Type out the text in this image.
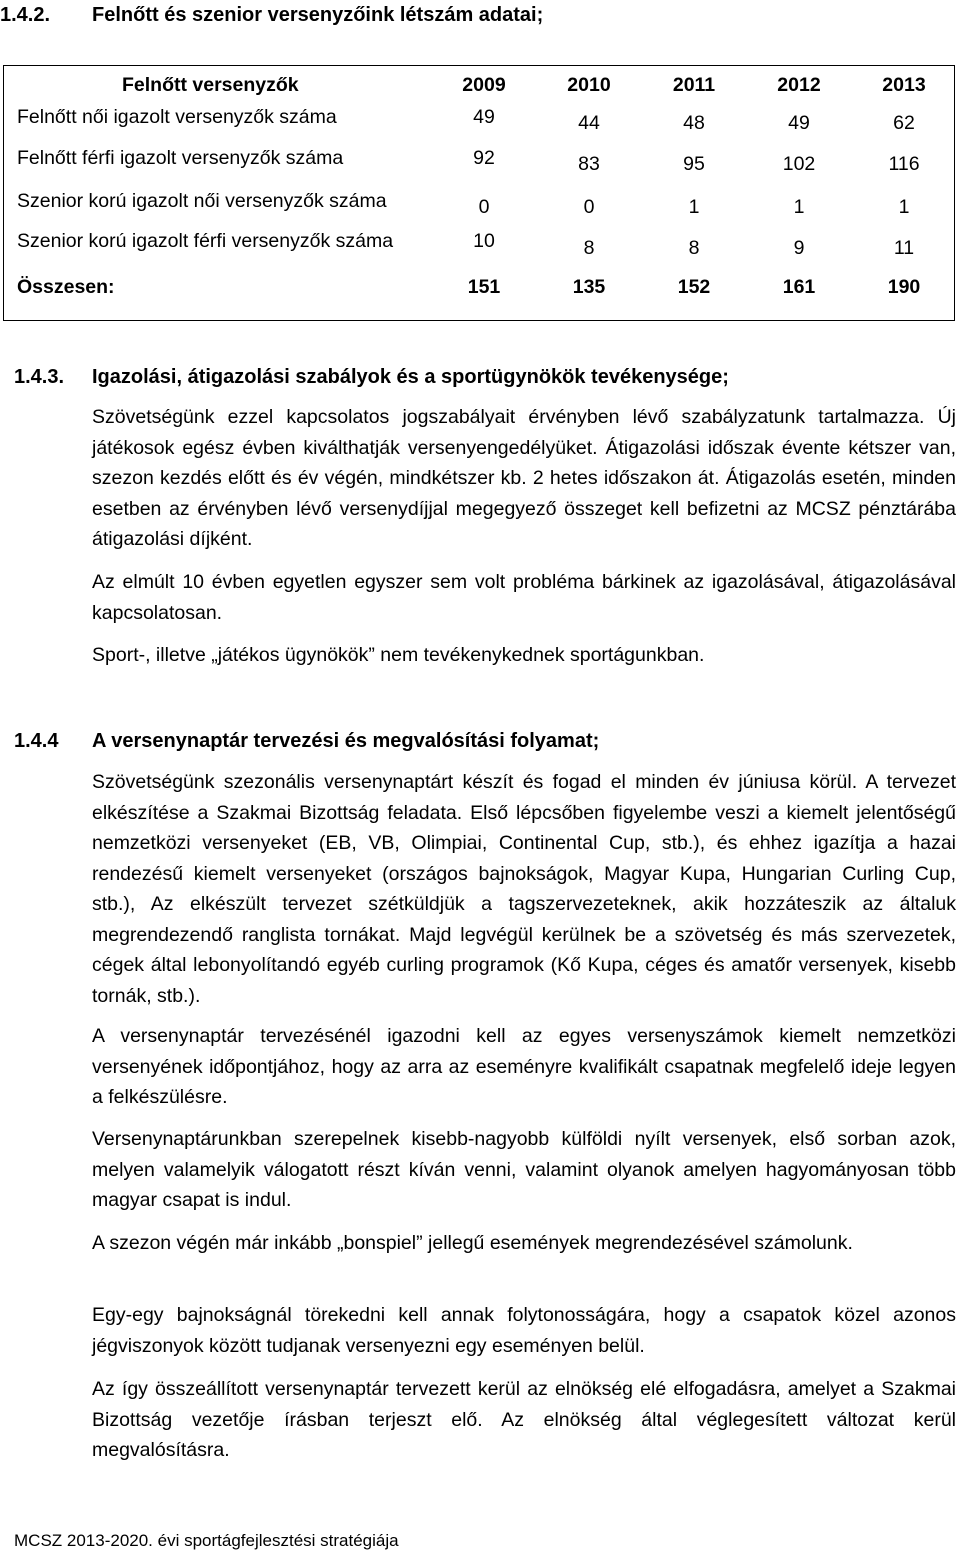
1.4.2. Felnőtt és szenior versenyzőink létszám adatai;
Felnőtt versenyzők	2009	2010	2011	2012	2013
Felnőtt női igazolt versenyzők száma	49	44	48	49	62
Felnőtt férfi igazolt versenyzők száma	92	83	95	102	116
Szenior korú igazolt női versenyzők száma	0	0	1	1	1
Szenior korú igazolt férfi versenyzők száma	10	8	8	9	11
Összesen:	151	135	152	161	190
1.4.3. Igazolási, átigazolási szabályok és a sportügynökök tevékenysége;

Szövetségünk ezzel kapcsolatos jogszabályait érvényben lévő szabályzatunk tartalmazza. Új játékosok egész évben kiválthatják versenyengedélyüket. Átigazolási időszak évente kétszer van, szezon kezdés előtt és év végén, mindkétszer kb. 2 hetes időszakon át. Átigazolás esetén, minden esetben az érvényben lévő versenydíjjal megegyező összeget kell befizetni az MCSZ pénztárába átigazolási díjként.

Az elmúlt 10 évben egyetlen egyszer sem volt probléma bárkinek az igazolásával, átigazolásával kapcsolatosan.

Sport-, illetve „játékos ügynökök” nem tevékenykednek sportágunkban.

1.4.4 A versenynaptár tervezési és megvalósítási folyamat;

Szövetségünk szezonális versenynaptárt készít és fogad el minden év júniusa körül. A tervezet elkészítése a Szakmai Bizottság feladata. Első lépcsőben figyelembe veszi a kiemelt jelentőségű nemzetközi versenyeket (EB, VB, Olimpiai, Continental Cup, stb.), és ehhez igazítja a hazai rendezésű kiemelt versenyeket (országos bajnokságok, Magyar Kupa, Hungarian Curling Cup, stb.), Az elkészült tervezet szétküldjük a tagszervezeteknek, akik hozzáteszik az általuk megrendezendő ranglista tornákat. Majd legvégül kerülnek be a szövetség és más szervezetek, cégek által lebonyolítandó egyéb curling programok (Kő Kupa, céges és amatőr versenyek, kisebb tornák, stb.).

A versenynaptár tervezésénél igazodni kell az egyes versenyszámok kiemelt nemzetközi versenyének időpontjához, hogy az arra az eseményre kvalifikált csapatnak megfelelő ideje legyen a felkészülésre.

Versenynaptárunkban szerepelnek kisebb-nagyobb külföldi nyílt versenyek, első sorban azok, melyen valamelyik válogatott részt kíván venni, valamint olyanok amelyen hagyományosan több magyar csapat is indul.

A szezon végén már inkább „bonspiel” jellegű események megrendezésével számolunk.

Egy-egy bajnokságnál törekedni kell annak folytonosságára, hogy a csapatok közel azonos jégviszonyok között tudjanak versenyezni egy eseményen belül.

Az így összeállított versenynaptár tervezett kerül az elnökség elé elfogadásra, amelyet a Szakmai Bizottság vezetője írásban terjeszt elő. Az elnökség által véglegesített változat kerül megvalósításra.

MCSZ 2013-2020. évi sportágfejlesztési stratégiája
